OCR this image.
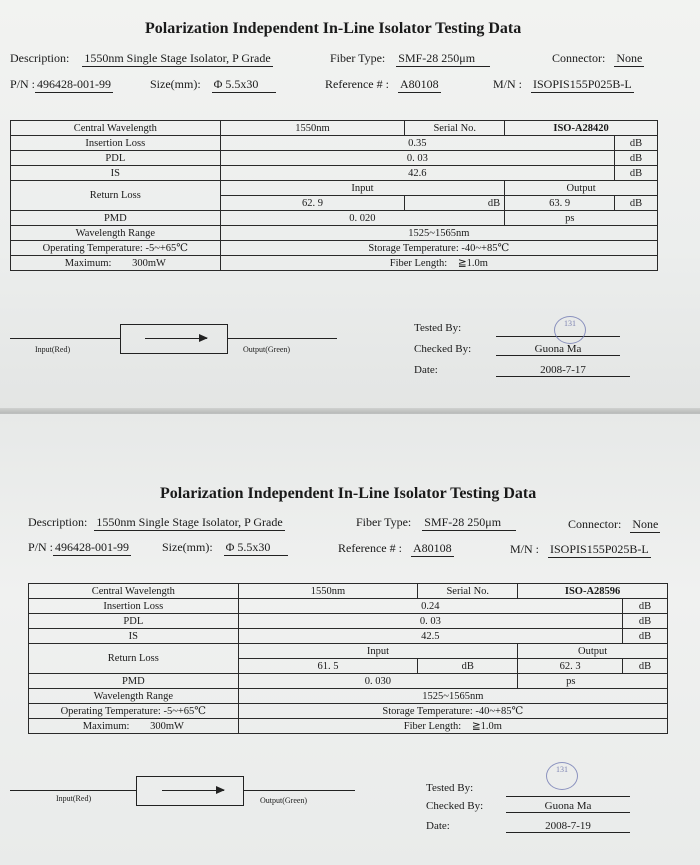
Polarization Independent In-Line Isolator Testing Data
Description: 1550nm Single Stage Isolator, P Grade	Fiber Type: SMF-28 250μm	Connector: None
P/N : 496428-001-99	Size(mm): Φ 5.5x30	Reference # : A80108	M/N : ISOPIS155P025B-L
Central Wavelength	1550nm	Serial No.	ISO-A28420	
Insertion Loss	0.35			dB
PDL	0. 03			dB
IS	42.6			dB
Return Loss	Input		Output	
	62. 9	dB	63. 9	dB
PMD	0. 020		ps	
Wavelength Range	1525~1565nm			
Operating Temperature: -5~+65℃	Storage Temperature: -40~+85℃			
Maximum: 300mW	Fiber Length: ≧1.0m			
Input(Red)	Output(Green)
Tested By:	131
Checked By:	Guona Ma
Date:	2008-7-17
Polarization Independent In-Line Isolator Testing Data
Description: 1550nm Single Stage Isolator, P Grade	Fiber Type: SMF-28 250μm	Connector: None
P/N : 496428-001-99	Size(mm): Φ 5.5x30	Reference # : A80108	M/N : ISOPIS155P025B-L
Central Wavelength	1550nm	Serial No.	ISO-A28596	
Insertion Loss	0.24			dB
PDL	0. 03			dB
IS	42.5			dB
Return Loss	Input		Output	
	61. 5	dB	62. 3	dB
PMD	0. 030		ps	
Wavelength Range	1525~1565nm			
Operating Temperature: -5~+65℃	Storage Temperature: -40~+85℃			
Maximum: 300mW	Fiber Length: ≧1.0m			
Input(Red)	Output(Green)
Tested By:
131
Checked By:	Guona Ma
Date:	2008-7-19
